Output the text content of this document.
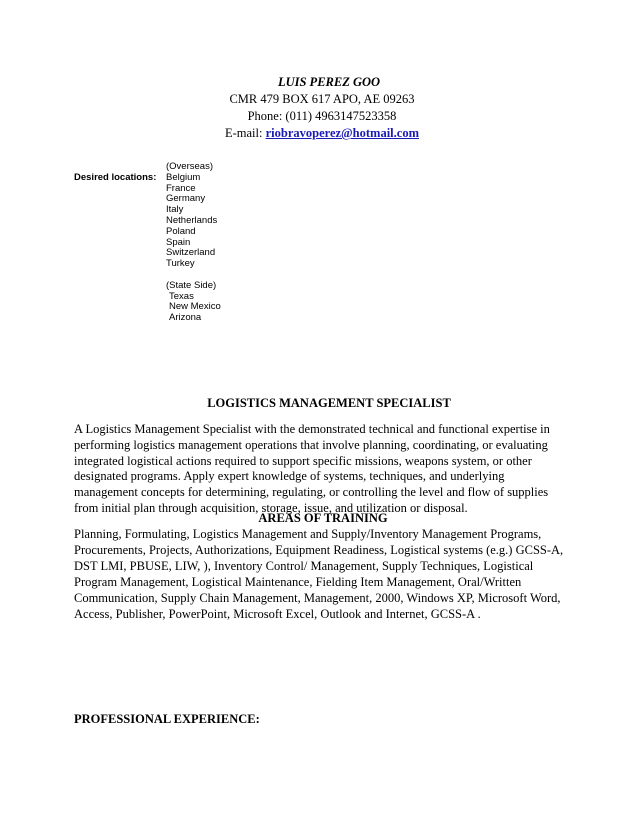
LUIS PEREZ GOO
CMR 479 BOX 617 APO, AE 09263
Phone: (011) 4963147523358
E-mail: riobravoperez@hotmail.com
Desired locations:
(Overseas)
Belgium
France
Germany
Italy
Netherlands
Poland
Spain
Switzerland
Turkey
(State Side)
Texas
New Mexico
Arizona
LOGISTICS MANAGEMENT SPECIALIST
A Logistics Management Specialist with the demonstrated technical and functional expertise in performing logistics management operations that involve planning, coordinating, or evaluating integrated logistical actions required to support specific missions, weapons system, or other designated programs. Apply expert knowledge of systems, techniques, and underlying management concepts for determining, regulating, or controlling the level and flow of supplies from initial plan through acquisition, storage, issue, and utilization or disposal.
AREAS OF TRAINING
Planning, Formulating, Logistics Management and Supply/Inventory Management Programs, Procurements, Projects, Authorizations, Equipment Readiness, Logistical systems (e.g.) GCSS-A, DST LMI, PBUSE, LIW, ), Inventory Control/ Management, Supply Techniques, Logistical Program Management, Logistical Maintenance, Fielding Item Management, Oral/Written Communication, Supply Chain Management, Management, 2000, Windows XP, Microsoft Word, Access, Publisher, PowerPoint, Microsoft Excel, Outlook and Internet, GCSS-A .
PROFESSIONAL EXPERIENCE:
